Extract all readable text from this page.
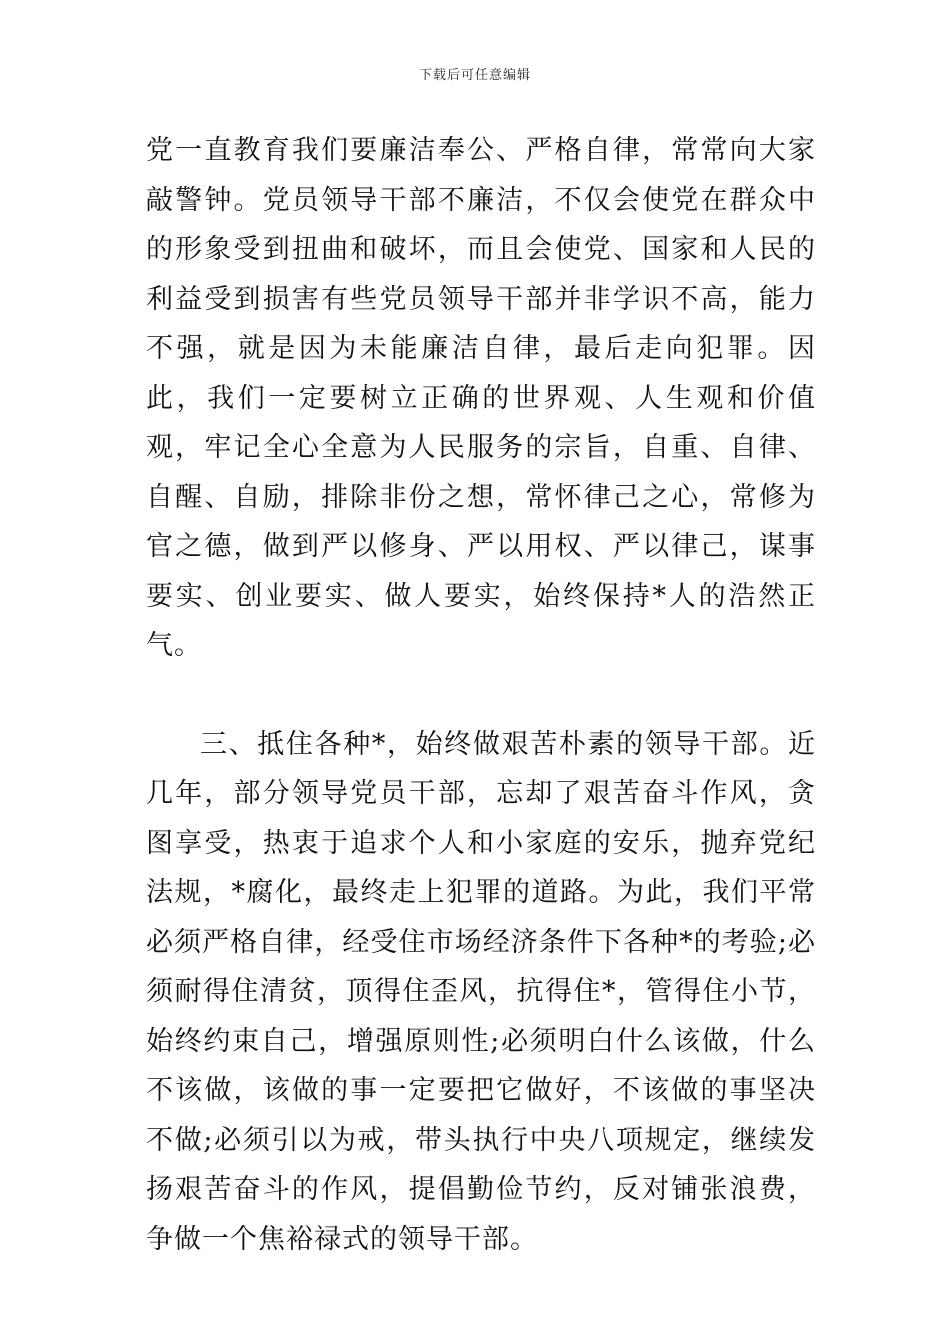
下载后可任意编辑

党一直教育我们要廉洁奉公、严格自律，常常向大家敲警钟。党员领导干部不廉洁，不仅会使党在群众中的形象受到扭曲和破坏，而且会使党、国家和人民的利益受到损害有些党员领导干部并非学识不高，能力不强，就是因为未能廉洁自律，最后走向犯罪。因此，我们一定要树立正确的世界观、人生观和价值观，牢记全心全意为人民服务的宗旨，自重、自律、自醒、自励，排除非份之想，常怀律己之心，常修为官之德，做到严以修身、严以用权、严以律己，谋事要实、创业要实、做人要实，始终保持*人的浩然正气。

三、抵住各种*，始终做艰苦朴素的领导干部。近几年，部分领导党员干部，忘却了艰苦奋斗作风，贪图享受，热衷于追求个人和小家庭的安乐，抛弃党纪法规，*腐化，最终走上犯罪的道路。为此，我们平常必须严格自律，经受住市场经济条件下各种*的考验;必须耐得住清贫，顶得住歪风，抗得住*，管得住小节，始终约束自己，增强原则性;必须明白什么该做，什么不该做，该做的事一定要把它做好，不该做的事坚决不做;必须引以为戒，带头执行中央八项规定，继续发扬艰苦奋斗的作风，提倡勤俭节约，反对铺张浪费，争做一个焦裕禄式的领导干部。
